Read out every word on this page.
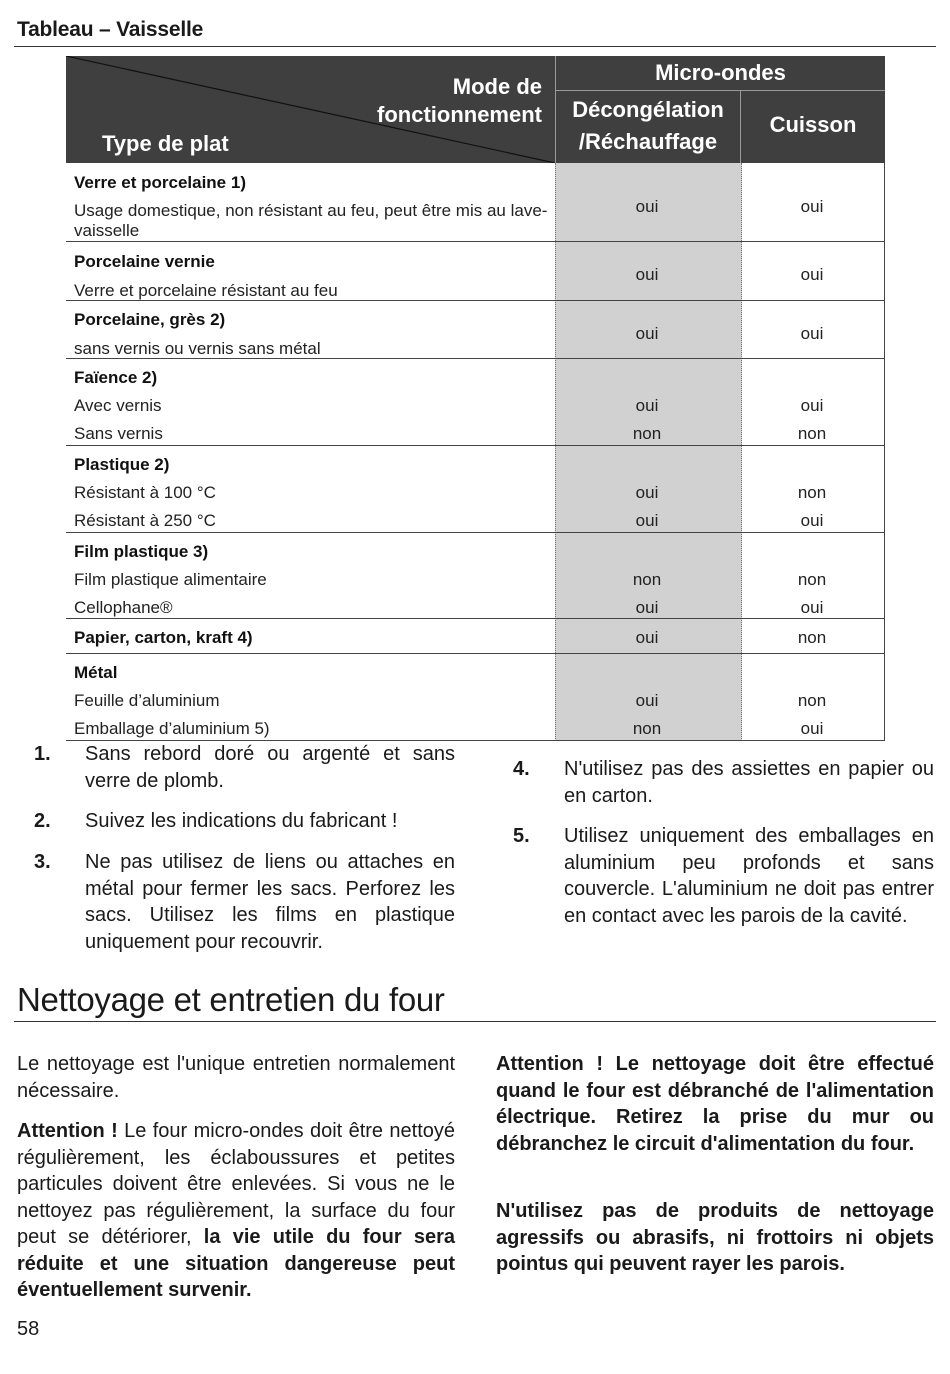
Tableau – Vaisselle
Mode de fonctionnement
Type de plat
Micro-ondes
Décongélation /Réchauffage
Cuisson
Verre et porcelaine 1)
Usage domestique, non résistant au feu, peut être mis au lave-vaisselle
oui	oui
Porcelaine vernie
Verre et porcelaine résistant au feu
oui	oui
Porcelaine, grès 2)
sans vernis ou vernis sans métal
oui	oui
Faïence 2)
Avec vernis	oui	oui
Sans vernis	non	non
Plastique 2)
Résistant à 100 °C	oui	non
Résistant à 250 °C	oui	oui
Film plastique 3)
Film plastique alimentaire	non	non
Cellophane®	oui	oui
Papier, carton, kraft 4)	oui	non
Métal
Feuille d’aluminium	oui	non
Emballage d’aluminium 5)	non	oui
1. Sans rebord doré ou argenté et sans verre de plomb.
2. Suivez les indications du fabricant !
3. Ne pas utilisez de liens ou attaches en métal pour fermer les sacs. Perforez les sacs. Utilisez les films en plastique uniquement pour recouvrir.
4. N'utilisez pas des assiettes en papier ou en carton.
5. Utilisez uniquement des emballages en aluminium peu profonds et sans couvercle. L'aluminium ne doit pas entrer en contact avec les parois de la cavité.
Nettoyage et entretien du four
Le nettoyage est l'unique entretien normalement nécessaire.
Attention ! Le four micro-ondes doit être nettoyé régulièrement, les éclaboussures et petites particules doivent être enlevées. Si vous ne le nettoyez pas régulièrement, la surface du four peut se détériorer, la vie utile du four sera réduite et une situation dangereuse peut éventuellement survenir.
Attention ! Le nettoyage doit être effectué quand le four est débranché de l'alimentation électrique. Retirez la prise du mur ou débranchez le circuit d'alimentation du four.
N'utilisez pas de produits de nettoyage agressifs ou abrasifs, ni frottoirs ni objets pointus qui peuvent rayer les parois.
58
